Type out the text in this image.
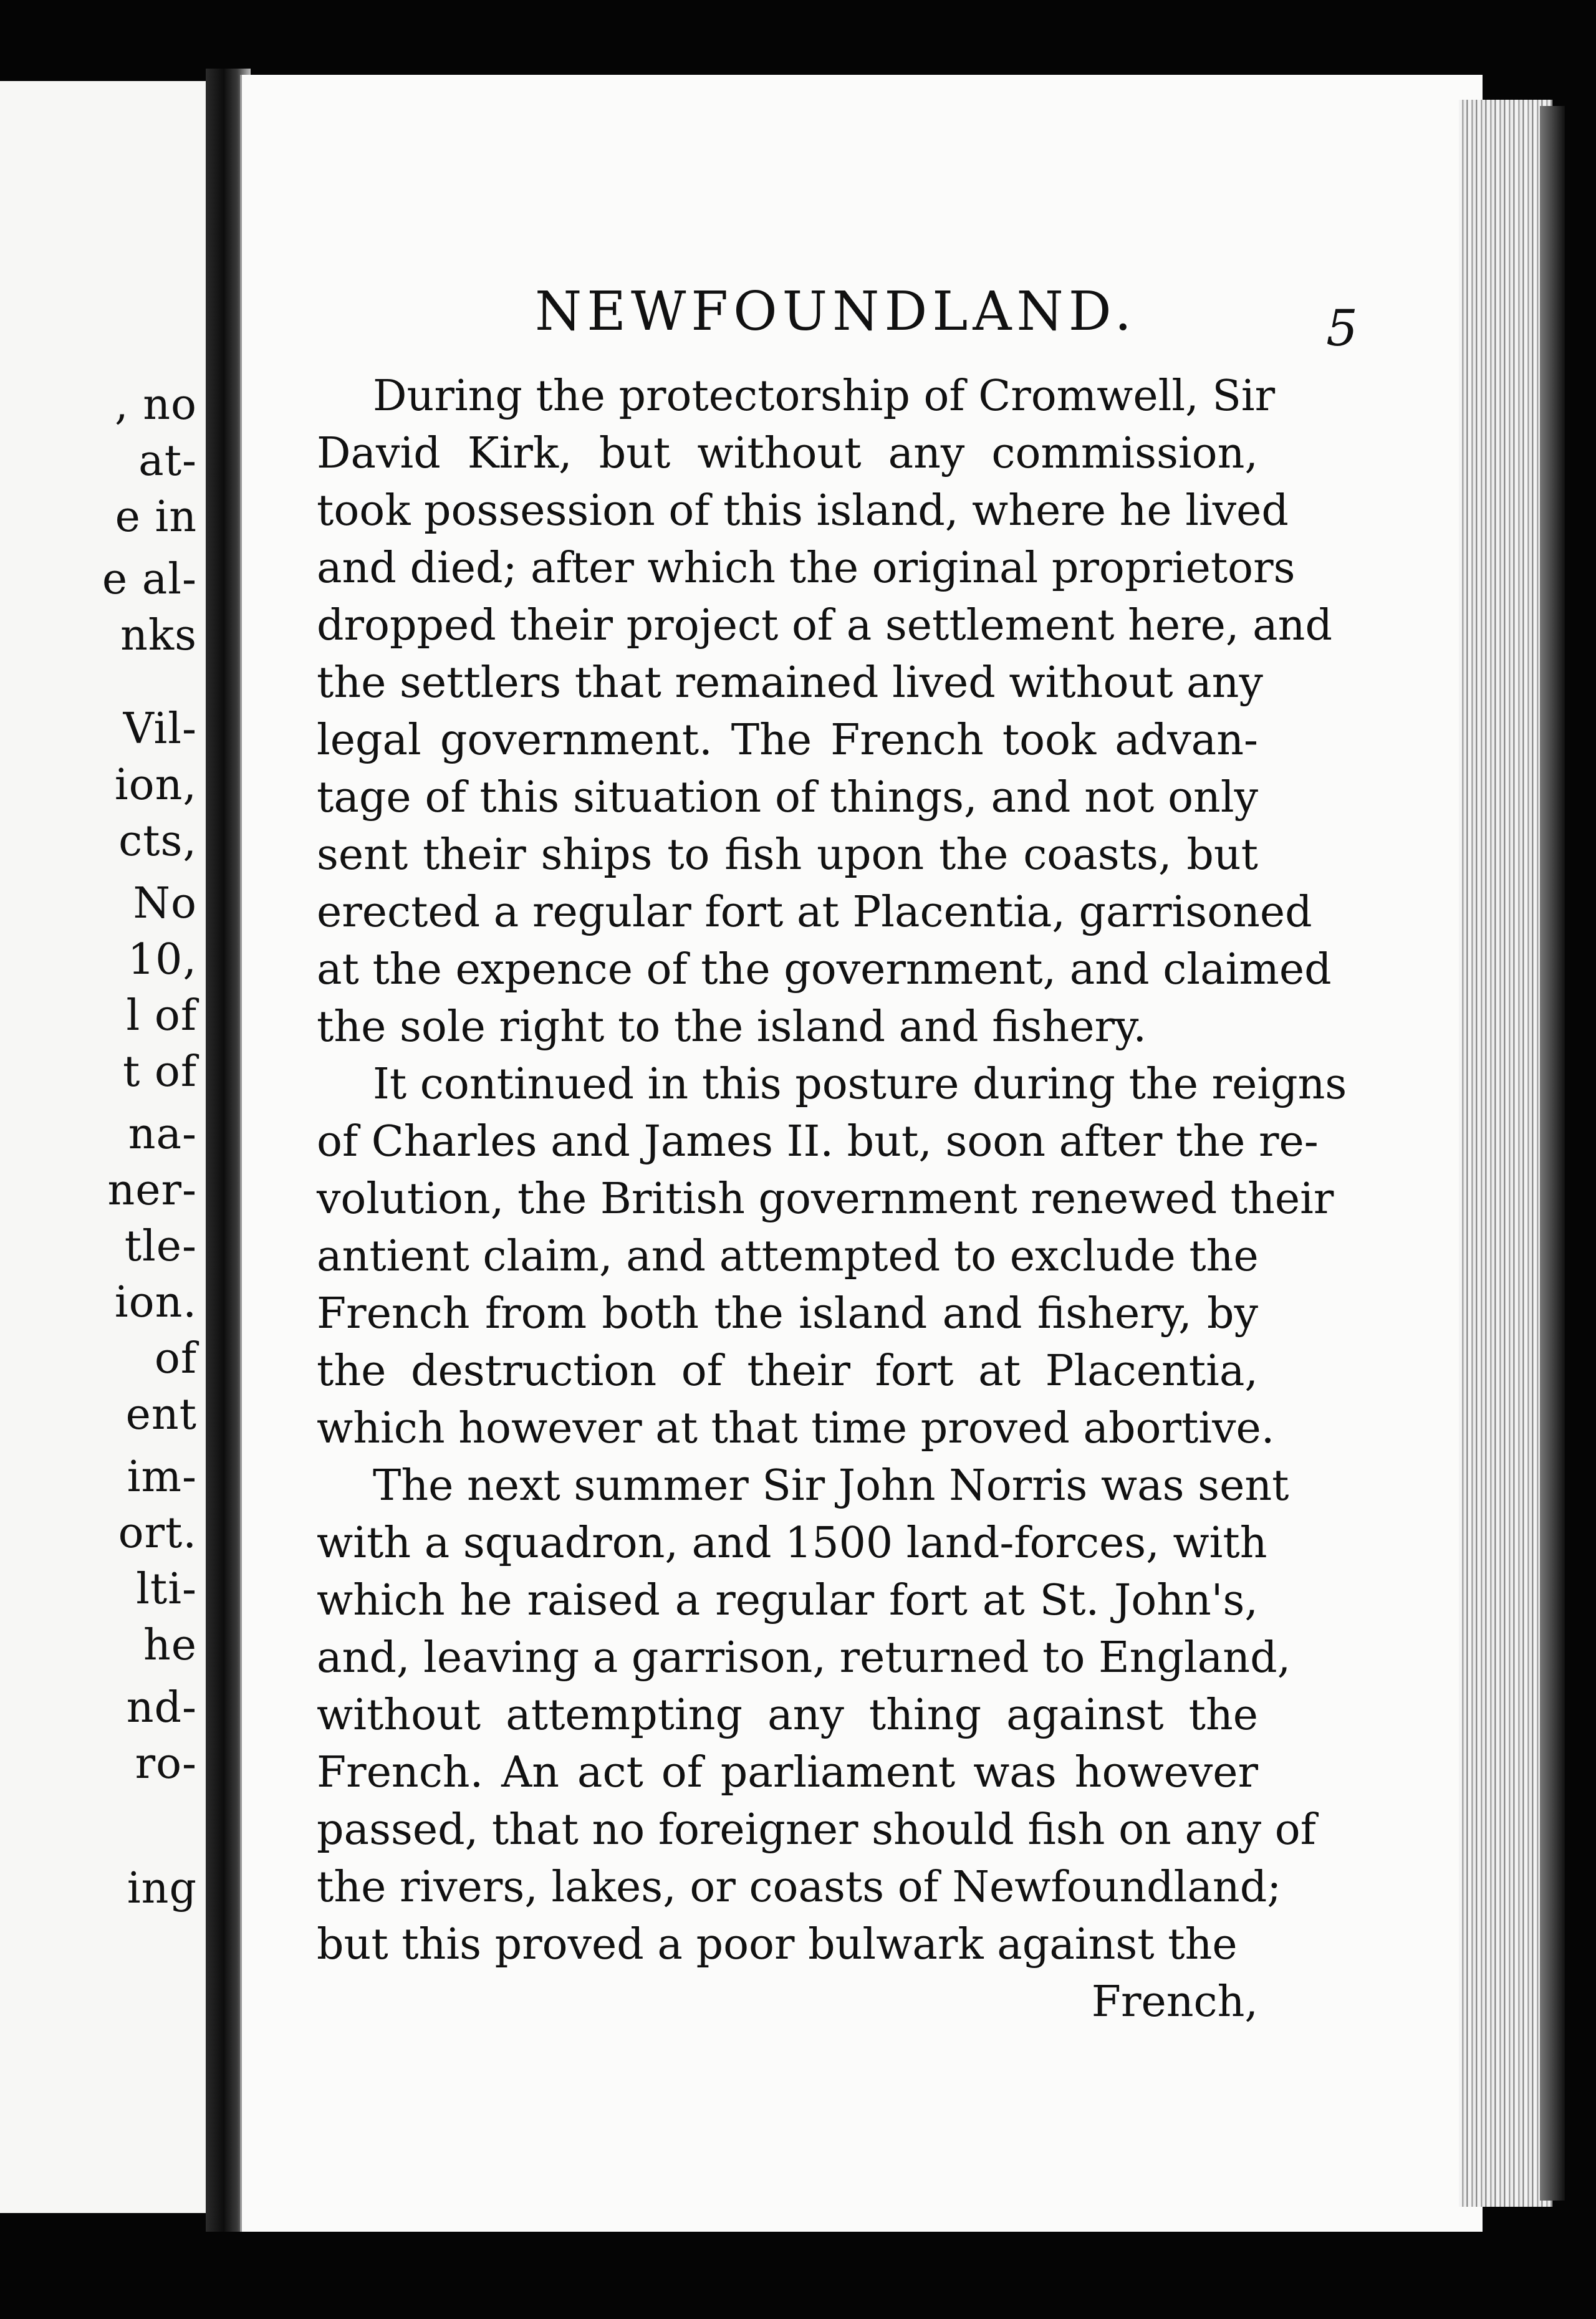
, no
at-
e in
e al-
nks
Vil-
ion,
cts,
No
10,
l of
t of
na-
ner-
tle-
ion.
of
ent
im-
ort.
lti-
he
nd-
ro-
ing
NEWFOUNDLAND.	5
During the protectorship of Cromwell, Sir
David Kirk, but without any commission,
took possession of this island, where he lived
and died; after which the original proprietors
dropped their project of a settlement here, and
the settlers that remained lived without any
legal government. The French took advan-
tage of this situation of things, and not only
sent their ships to fish upon the coasts, but
erected a regular fort at Placentia, garrisoned
at the expence of the government, and claimed
the sole right to the island and fishery.
It continued in this posture during the reigns
of Charles and James II. but, soon after the re-
volution, the British government renewed their
antient claim, and attempted to exclude the
French from both the island and fishery, by
the destruction of their fort at Placentia,
which however at that time proved abortive.
The next summer Sir John Norris was sent
with a squadron, and 1500 land-forces, with
which he raised a regular fort at St. John's,
and, leaving a garrison, returned to England,
without attempting any thing against the
French. An act of parliament was however
passed, that no foreigner should fish on any of
the rivers, lakes, or coasts of Newfoundland;
but this proved a poor bulwark against the
French,
